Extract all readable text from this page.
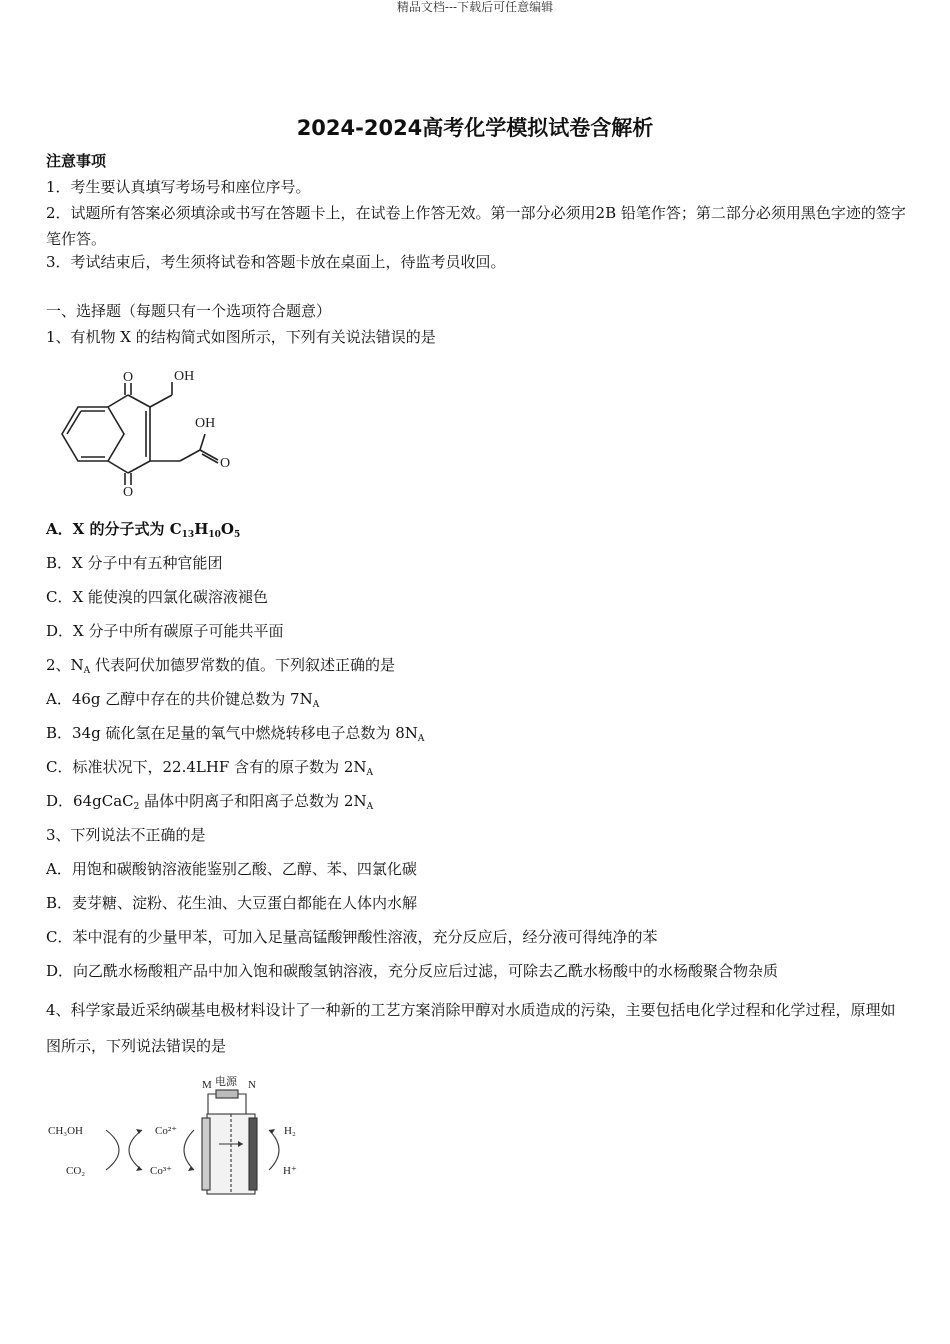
精品文档---下载后可任意编辑
2024-2024高考化学模拟试卷含解析
注意事项
1．考生要认真填写考场号和座位序号。
2．试题所有答案必须填涂或书写在答题卡上，在试卷上作答无效。第一部分必须用2B 铅笔作答；第二部分必须用黑色字迹的签字笔作答。
3．考试结束后，考生须将试卷和答题卡放在桌面上，待监考员收回。
一、选择题（每题只有一个选项符合题意）
1、有机物 X 的结构简式如图所示，下列有关说法错误的是
O	OH
OH
O
O
A．X 的分子式为 $C_{13}H_{10}O_5$
B．X 分子中有五种官能团
C．X 能使溴的四氯化碳溶液褪色
D．X 分子中所有碳原子可能共平面
2、$N_A$ 代表阿伏加德罗常数的值。下列叙述正确的是
A．46g 乙醇中存在的共价键总数为 $7N_A$
B．34g 硫化氢在足量的氧气中燃烧转移电子总数为 $8N_A$
C．标准状况下，22.4LHF 含有的原子数为 $2N_A$
D．64gCaC$_2$ 晶体中阴离子和阳离子总数为 $2N_A$
3、下列说法不正确的是
A．用饱和碳酸钠溶液能鉴别乙酸、乙醇、苯、四氯化碳
B．麦芽糖、淀粉、花生油、大豆蛋白都能在人体内水解
C．苯中混有的少量甲苯，可加入足量高锰酸钾酸性溶液，充分反应后，经分液可得纯净的苯
D．向乙酰水杨酸粗产品中加入饱和碳酸氢钠溶液，充分反应后过滤，可除去乙酰水杨酸中的水杨酸聚合物杂质
4、科学家最近采纳碳基电极材料设计了一种新的工艺方案消除甲醇对水质造成的污染，主要包括电化学过程和化学过程，原理如图所示，下列说法错误的是
M 电源 N
CH₃OH
CO₂
Co²⁺
Co³⁺
H₂
H⁺
